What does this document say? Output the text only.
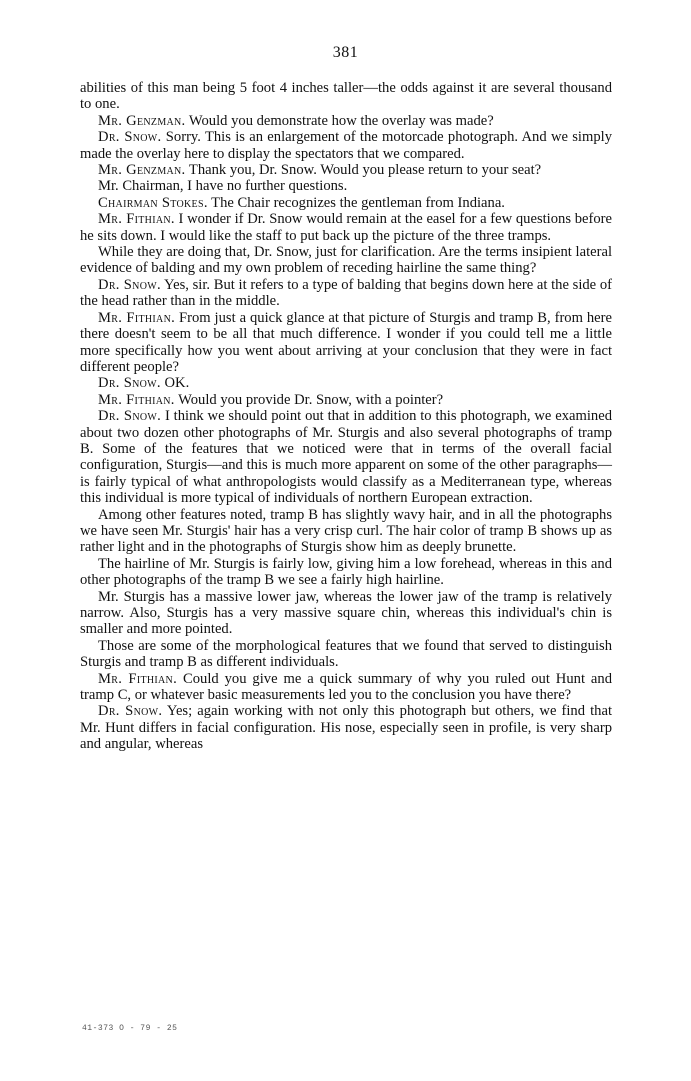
381

abilities of this man being 5 foot 4 inches taller—the odds against it are several thousand to one.

Mr. Genzman. Would you demonstrate how the overlay was made?

Dr. Snow. Sorry. This is an enlargement of the motorcade photograph. And we simply made the overlay here to display the spectators that we compared.

Mr. Genzman. Thank you, Dr. Snow. Would you please return to your seat?

Mr. Chairman, I have no further questions.

Chairman Stokes. The Chair recognizes the gentleman from Indiana.

Mr. Fithian. I wonder if Dr. Snow would remain at the easel for a few questions before he sits down. I would like the staff to put back up the picture of the three tramps.

While they are doing that, Dr. Snow, just for clarification. Are the terms insipient lateral evidence of balding and my own problem of receding hairline the same thing?

Dr. Snow. Yes, sir. But it refers to a type of balding that begins down here at the side of the head rather than in the middle.

Mr. Fithian. From just a quick glance at that picture of Sturgis and tramp B, from here there doesn't seem to be all that much difference. I wonder if you could tell me a little more specifically how you went about arriving at your conclusion that they were in fact different people?

Dr. Snow. OK.

Mr. Fithian. Would you provide Dr. Snow, with a pointer?

Dr. Snow. I think we should point out that in addition to this photograph, we examined about two dozen other photographs of Mr. Sturgis and also several photographs of tramp B. Some of the features that we noticed were that in terms of the overall facial configuration, Sturgis—and this is much more apparent on some of the other paragraphs—is fairly typical of what anthropologists would classify as a Mediterranean type, whereas this individual is more typical of individuals of northern European extraction.

Among other features noted, tramp B has slightly wavy hair, and in all the photographs we have seen Mr. Sturgis' hair has a very crisp curl. The hair color of tramp B shows up as rather light and in the photographs of Sturgis show him as deeply brunette.

The hairline of Mr. Sturgis is fairly low, giving him a low forehead, whereas in this and other photographs of the tramp B we see a fairly high hairline.

Mr. Sturgis has a massive lower jaw, whereas the lower jaw of the tramp is relatively narrow. Also, Sturgis has a very massive square chin, whereas this individual's chin is smaller and more pointed.

Those are some of the morphological features that we found that served to distinguish Sturgis and tramp B as different individuals.

Mr. Fithian. Could you give me a quick summary of why you ruled out Hunt and tramp C, or whatever basic measurements led you to the conclusion you have there?

Dr. Snow. Yes; again working with not only this photograph but others, we find that Mr. Hunt differs in facial configuration. His nose, especially seen in profile, is very sharp and angular, whereas

41-373 O - 79 - 25
